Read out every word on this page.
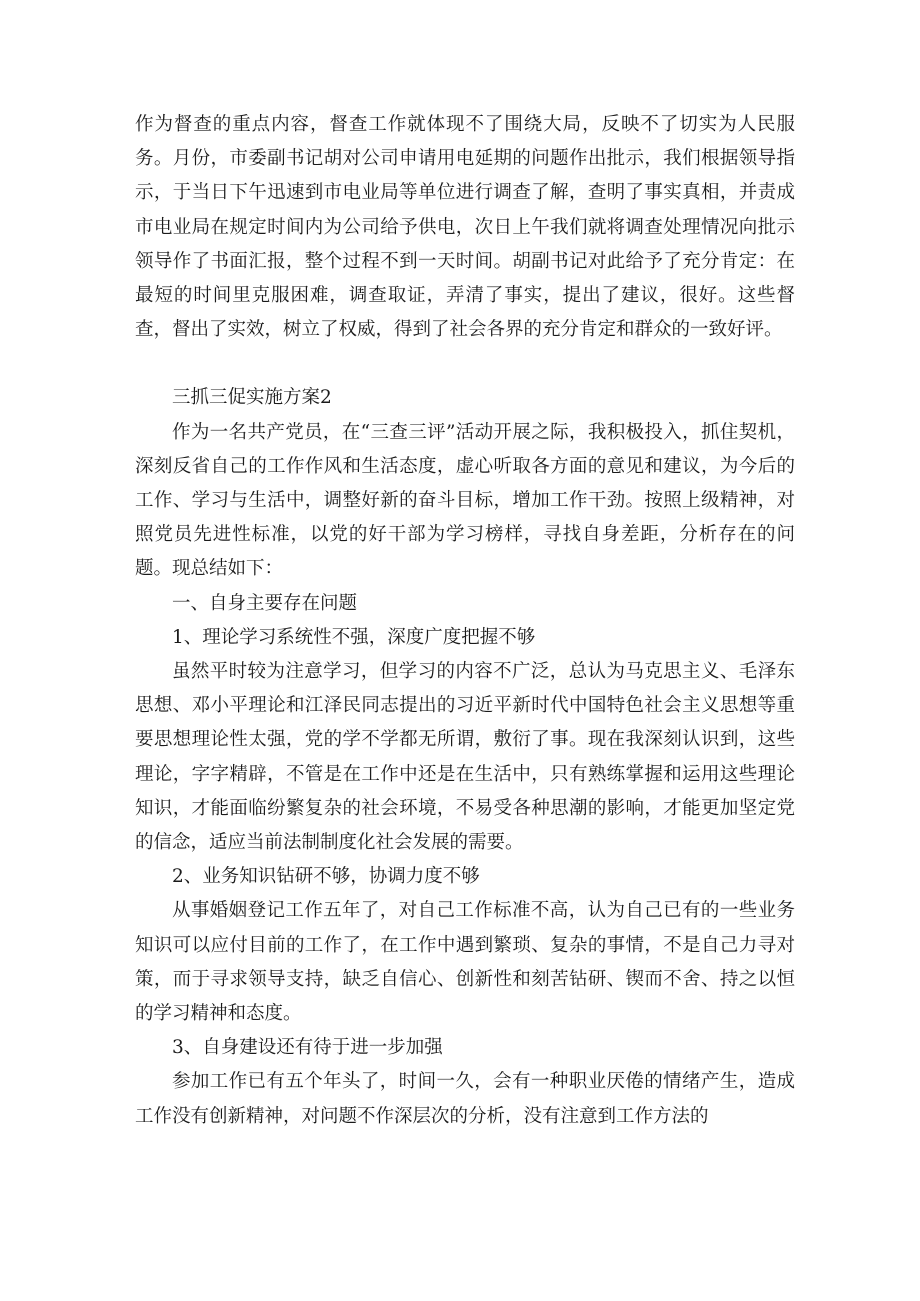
作为督查的重点内容，督查工作就体现不了围绕大局，反映不了切实为人民服务。月份，市委副书记胡对公司申请用电延期的问题作出批示，我们根据领导指示，于当日下午迅速到市电业局等单位进行调查了解，查明了事实真相，并责成市电业局在规定时间内为公司给予供电，次日上午我们就将调查处理情况向批示领导作了书面汇报，整个过程不到一天时间。胡副书记对此给予了充分肯定：在最短的时间里克服困难，调查取证，弄清了事实，提出了建议，很好。这些督查，督出了实效，树立了权威，得到了社会各界的充分肯定和群众的一致好评。

三抓三促实施方案2

作为一名共产党员，在“三查三评”活动开展之际，我积极投入，抓住契机，深刻反省自己的工作作风和生活态度，虚心听取各方面的意见和建议，为今后的工作、学习与生活中，调整好新的奋斗目标，增加工作干劲。按照上级精神，对照党员先进性标准，以党的好干部为学习榜样，寻找自身差距，分析存在的问题。现总结如下：

一、自身主要存在问题

1、理论学习系统性不强，深度广度把握不够

虽然平时较为注意学习，但学习的内容不广泛，总认为马克思主义、毛泽东思想、邓小平理论和江泽民同志提出的习近平新时代中国特色社会主义思想等重要思想理论性太强，党的学不学都无所谓，敷衍了事。现在我深刻认识到，这些理论，字字精辟，不管是在工作中还是在生活中，只有熟练掌握和运用这些理论知识，才能面临纷繁复杂的社会环境，不易受各种思潮的影响，才能更加坚定党的信念，适应当前法制制度化社会发展的需要。

2、业务知识钻研不够，协调力度不够

从事婚姻登记工作五年了，对自己工作标准不高，认为自己已有的一些业务知识可以应付目前的工作了，在工作中遇到繁琐、复杂的事情，不是自己力寻对策，而于寻求领导支持，缺乏自信心、创新性和刻苦钻研、锲而不舍、持之以恒的学习精神和态度。

3、自身建设还有待于进一步加强

参加工作已有五个年头了，时间一久，会有一种职业厌倦的情绪产生，造成工作没有创新精神，对问题不作深层次的分析，没有注意到工作方法的
